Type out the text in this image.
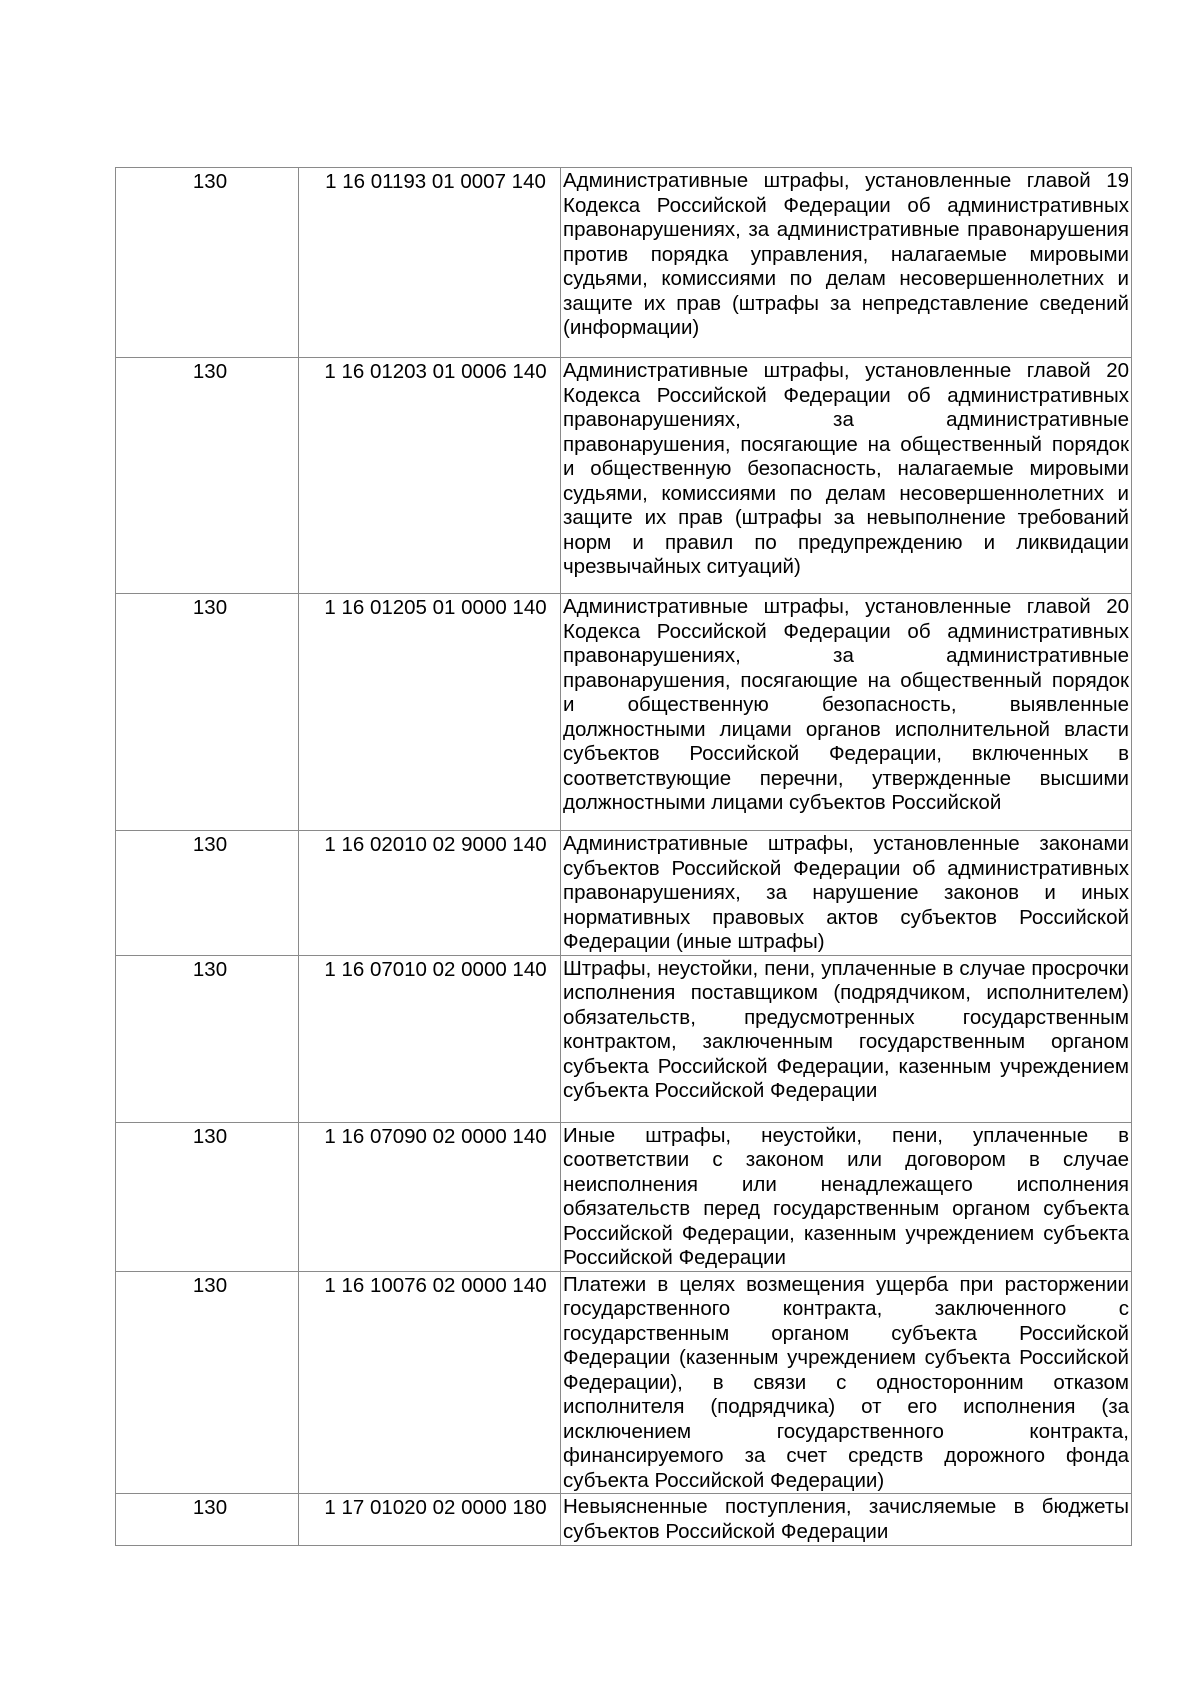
130	1 16 01193 01 0007 140	Административные штрафы, установленные главой 19 Кодекса Российской Федерации об административных правонарушениях, за административные правонарушения против порядка управления, налагаемые мировыми судьями, комиссиями по делам несовершеннолетних и защите их прав (штрафы за непредставление сведений (информации)

130	1 16 01203 01 0006 140	Административные штрафы, установленные главой 20 Кодекса Российской Федерации об административных правонарушениях, за административные правонарушения, посягающие на общественный порядок и общественную безопасность, налагаемые мировыми судьями, комиссиями по делам несовершеннолетних и защите их прав (штрафы за невыполнение требований норм и правил по предупреждению и ликвидации чрезвычайных ситуаций)

130	1 16 01205 01 0000 140	Административные штрафы, установленные главой 20 Кодекса Российской Федерации об административных правонарушениях, за административные правонарушения, посягающие на общественный порядок и общественную безопасность, выявленные должностными лицами органов исполнительной власти субъектов Российской Федерации, включенных в соответствующие перечни, утвержденные высшими должностными лицами субъектов Российской

130	1 16 02010 02 9000 140	Административные штрафы, установленные законами субъектов Российской Федерации об административных правонарушениях, за нарушение законов и иных нормативных правовых актов субъектов Российской Федерации (иные штрафы)

130	1 16 07010 02 0000 140	Штрафы, неустойки, пени, уплаченные в случае просрочки исполнения поставщиком (подрядчиком, исполнителем) обязательств, предусмотренных государственным контрактом, заключенным государственным органом субъекта Российской Федерации, казенным учреждением субъекта Российской Федерации

130	1 16 07090 02 0000 140	Иные штрафы, неустойки, пени, уплаченные в соответствии с законом или договором в случае неисполнения или ненадлежащего исполнения обязательств перед государственным органом субъекта Российской Федерации, казенным учреждением субъекта Российской Федерации

130	1 16 10076 02 0000 140	Платежи в целях возмещения ущерба при расторжении государственного контракта, заключенного с государственным органом субъекта Российской Федерации (казенным учреждением субъекта Российской Федерации), в связи с односторонним отказом исполнителя (подрядчика) от его исполнения (за исключением государственного контракта, финансируемого за счет средств дорожного фонда субъекта Российской Федерации)

130	1 17 01020 02 0000 180	Невыясненные поступления, зачисляемые в бюджеты субъектов Российской Федерации
